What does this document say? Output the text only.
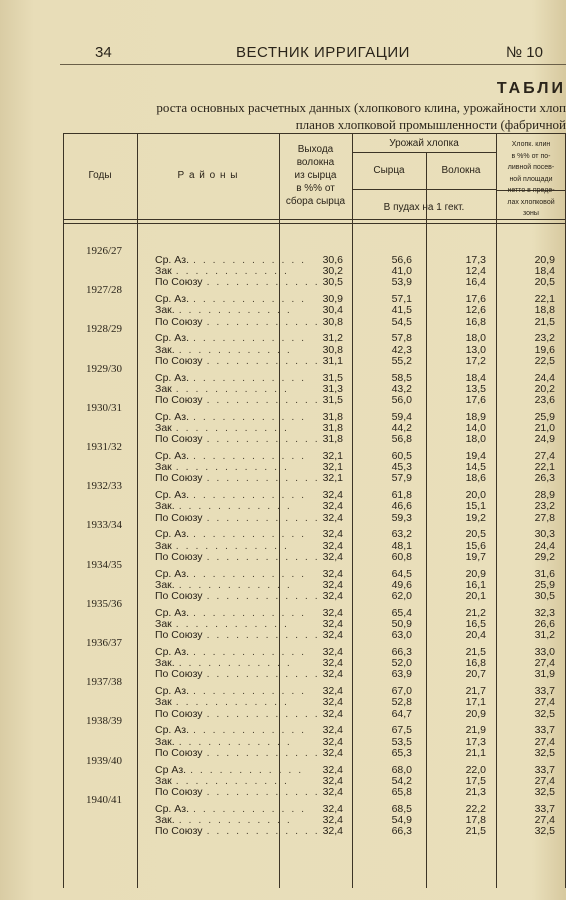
34	ВЕСТНИК ИРРИГАЦИИ	№ 10
ТАБЛИ
роста основных расчетных данных (хлопкового клина, урожайности хлоп
планов хлопковой промышленности (фабричной
Годы	Р а й о н ы
Выхода
волокна
из сырца
в %% от
сбора сырца
Урожай хлопка
Сырца	Волокна
В пудах на 1 гект.
Хлопк. клин
в %% от по-
ливной посев-
ной площади
нетто в преде-
лах хлопковой
зоны
1926/27
Ср. Аз.	30,6	56,6	17,3	20,9
. . . . . . . . . . . .
Зак	30,2	41,0	12,4	18,4
. . . . . . . . . . . .
По Союзу	30,5	53,9	16,4	20,5
. . . . . . . . . . . .
1927/28
Ср. Аз.	30,9	57,1	17,6	22,1
. . . . . . . . . . . .
Зак.	30,4	41,5	12,6	18,8
. . . . . . . . . . . .
По Союзу	30,8	54,5	16,8	21,5
. . . . . . . . . . . .
1928/29
Ср. Аз.	31,2	57,8	18,0	23,2
. . . . . . . . . . . .
Зак.	30,8	42,3	13,0	19,6
. . . . . . . . . . . .
По Союзу	31,1	55,2	17,2	22,5
. . . . . . . . . . . .
1929/30
Ср. Аз.	31,5	58,5	18,4	24,4
. . . . . . . . . . . .
Зак	31,3	43,2	13,5	20,2
. . . . . . . . . . . .
По Союзу	31,5	56,0	17,6	23,6
. . . . . . . . . . . .
1930/31
Ср. Аз.	31,8	59,4	18,9	25,9
. . . . . . . . . . . .
Зак	31,8	44,2	14,0	21,0
. . . . . . . . . . . .
По Союзу	31,8	56,8	18,0	24,9
. . . . . . . . . . . .
1931/32
Ср. Аз.	32,1	60,5	19,4	27,4
. . . . . . . . . . . .
Зак	32,1	45,3	14,5	22,1
. . . . . . . . . . . .
По Союзу	32,1	57,9	18,6	26,3
. . . . . . . . . . . .
1932/33
Ср. Аз.	32,4	61,8	20,0	28,9
. . . . . . . . . . . .
Зак.	32,4	46,6	15,1	23,2
. . . . . . . . . . . .
По Союзу	32,4	59,3	19,2	27,8
. . . . . . . . . . . .
1933/34
Ср. Аз.	32,4	63,2	20,5	30,3
. . . . . . . . . . . .
Зак	32,4	48,1	15,6	24,4
. . . . . . . . . . . .
По Союзу	32,4	60,8	19,7	29,2
. . . . . . . . . . . .
1934/35
Ср. Аз.	32,4	64,5	20,9	31,6
. . . . . . . . . . . .
Зак.	32,4	49,6	16,1	25,9
. . . . . . . . . . . .
По Союзу	32,4	62,0	20,1	30,5
. . . . . . . . . . . .
1935/36
Ср. Аз.	32,4	65,4	21,2	32,3
. . . . . . . . . . . .
Зак	32,4	50,9	16,5	26,6
. . . . . . . . . . . .
По Союзу	32,4	63,0	20,4	31,2
. . . . . . . . . . . .
1936/37
Ср. Аз.	32,4	66,3	21,5	33,0
. . . . . . . . . . . .
Зак.	32,4	52,0	16,8	27,4
. . . . . . . . . . . .
По Союзу	32,4	63,9	20,7	31,9
. . . . . . . . . . . .
1937/38
Ср. Аз.	32,4	67,0	21,7	33,7
. . . . . . . . . . . .
Зак	32,4	52,8	17,1	27,4
. . . . . . . . . . . .
По Союзу	32,4	64,7	20,9	32,5
. . . . . . . . . . . .
1938/39
Ср. Аз.	32,4	67,5	21,9	33,7
. . . . . . . . . . . .
Зак.	32,4	53,5	17,3	27,4
. . . . . . . . . . . .
По Союзу	32,4	65,3	21,1	32,5
. . . . . . . . . . . .
1939/40
Ср Аз.	32,4	68,0	22,0	33,7
. . . . . . . . . . . .
Зак	32,4	54,2	17,5	27,4
. . . . . . . . . . . .
По Союзу	32,4	65,8	21,3	32,5
. . . . . . . . . . . .
1940/41
Ср. Аз.	32,4	68,5	22,2	33,7
. . . . . . . . . . . .
Зак.	32,4	54,9	17,8	27,4
. . . . . . . . . . . .
По Союзу	32,4	66,3	21,5	32,5
. . . . . . . . . . . .
